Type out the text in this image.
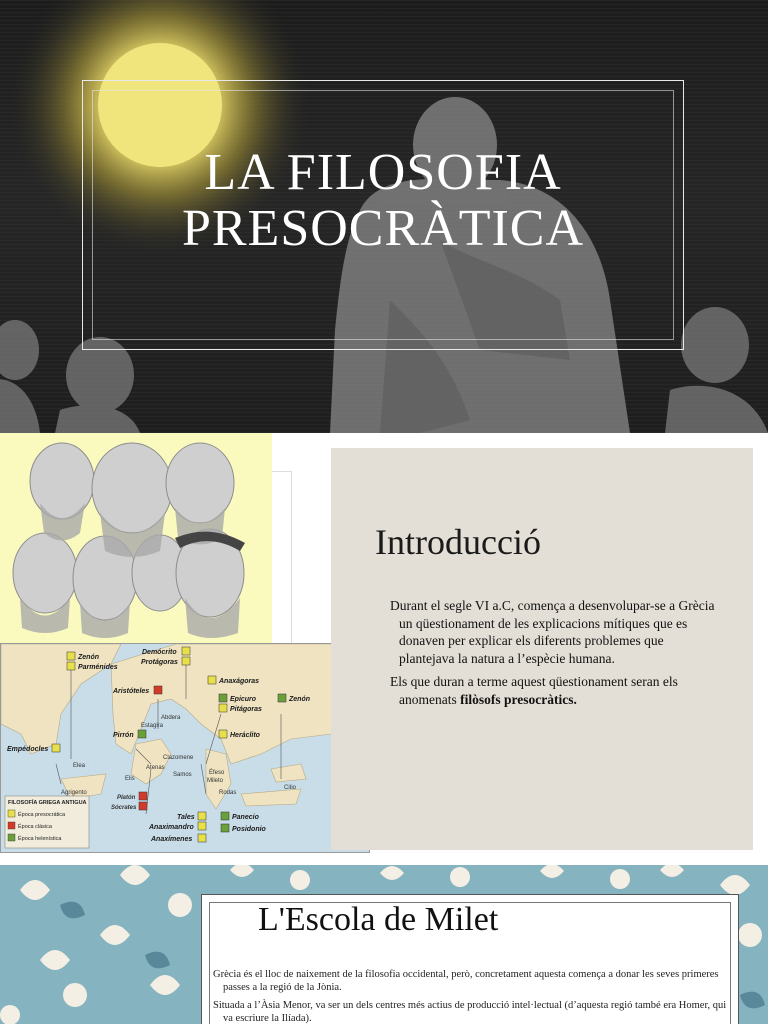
LA FILOSOFIA
PRESOCRÀTICA
Zenón
Parménides
Demócrito
Protágoras
Anaxágoras
Aristóteles
Epicuro
Pitágoras
Zenón
Pirrón	Heráclito
Empédocles
Platón
Sócrates
Tales
Anaximandro
Anaxímenes
Panecio
Posidonio
Abdera
Estagira
Elea
Clazomene
Atenas
Samos	Éfeso
Mileto
Elis
Rodas
Citio
Agrigento
FILOSOFÍA GRIEGA ANTIGUA
Época presocrática
Época clásica
Época helenística
Introducció

Durant el segle VI a.C, comença a desenvolupar-se a Grècia un qüestionament de les explicacions mítiques que es donaven per explicar els diferents problemes que plantejava la natura a l’espècie humana.

Els que duran a terme aquest qüestionament seran els anomenats filòsofs presocràtics.

L'Escola de Milet

Grècia és el lloc de naixement de la filosofia occidental, però, concretament aquesta comença a donar les seves primeres passes a la regió de la Jònia.

Situada a l’Àsia Menor, va ser un dels centres més actius de producció intel·lectual (d’aquesta regió també era Homer, qui va escriure la Ilíada).
